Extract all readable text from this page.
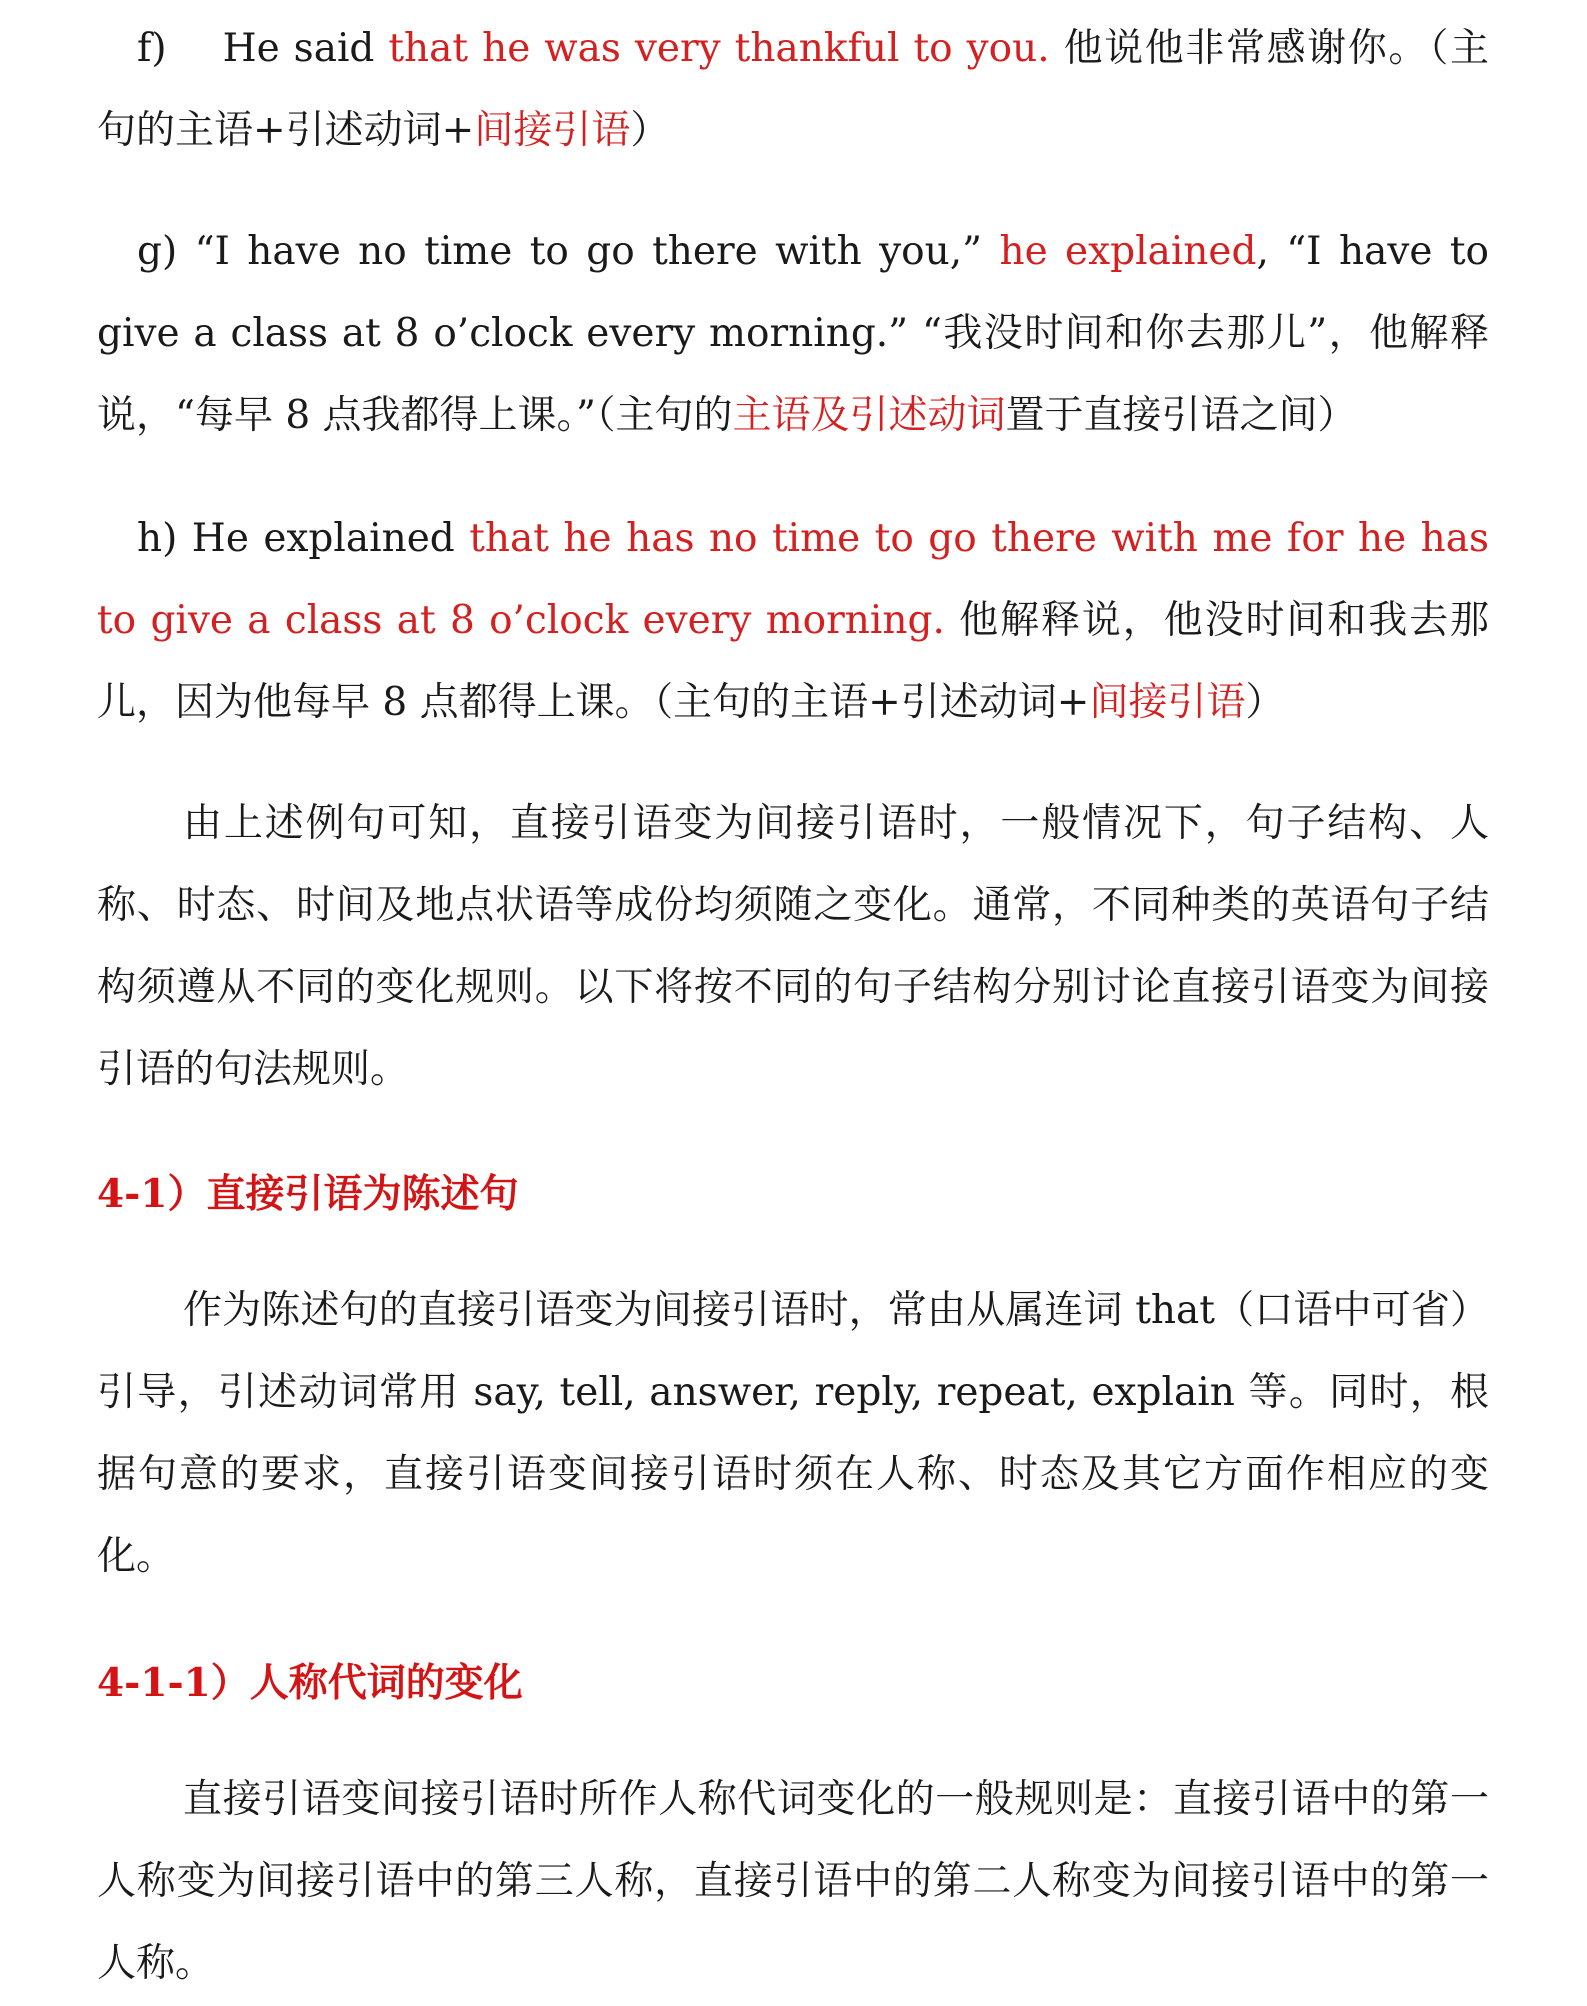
f) He said that he was very thankful to you. 他说他非常感谢你。（主句的主语+引述动词+间接引语）

g) “I have no time to go there with you,” he explained, “I have to give a class at 8 o’clock every morning.” “我没时间和你去那儿”，他解释说，“每早 8 点我都得上课。”（主句的主语及引述动词置于直接引语之间）

h) He explained that he has no time to go there with me for he has to give a class at 8 o’clock every morning. 他解释说，他没时间和我去那儿，因为他每早 8 点都得上课。（主句的主语+引述动词+间接引语）

由上述例句可知，直接引语变为间接引语时，一般情况下，句子结构、人称、时态、时间及地点状语等成份均须随之变化。通常，不同种类的英语句子结构须遵从不同的变化规则。以下将按不同的句子结构分别讨论直接引语变为间接引语的句法规则。

4-1）直接引语为陈述句

作为陈述句的直接引语变为间接引语时，常由从属连词 that（口语中可省）引导，引述动词常用 say, tell, answer, reply, repeat, explain 等。同时，根据句意的要求，直接引语变间接引语时须在人称、时态及其它方面作相应的变化。

4-1-1）人称代词的变化

直接引语变间接引语时所作人称代词变化的一般规则是：直接引语中的第一人称变为间接引语中的第三人称，直接引语中的第二人称变为间接引语中的第一人称。
